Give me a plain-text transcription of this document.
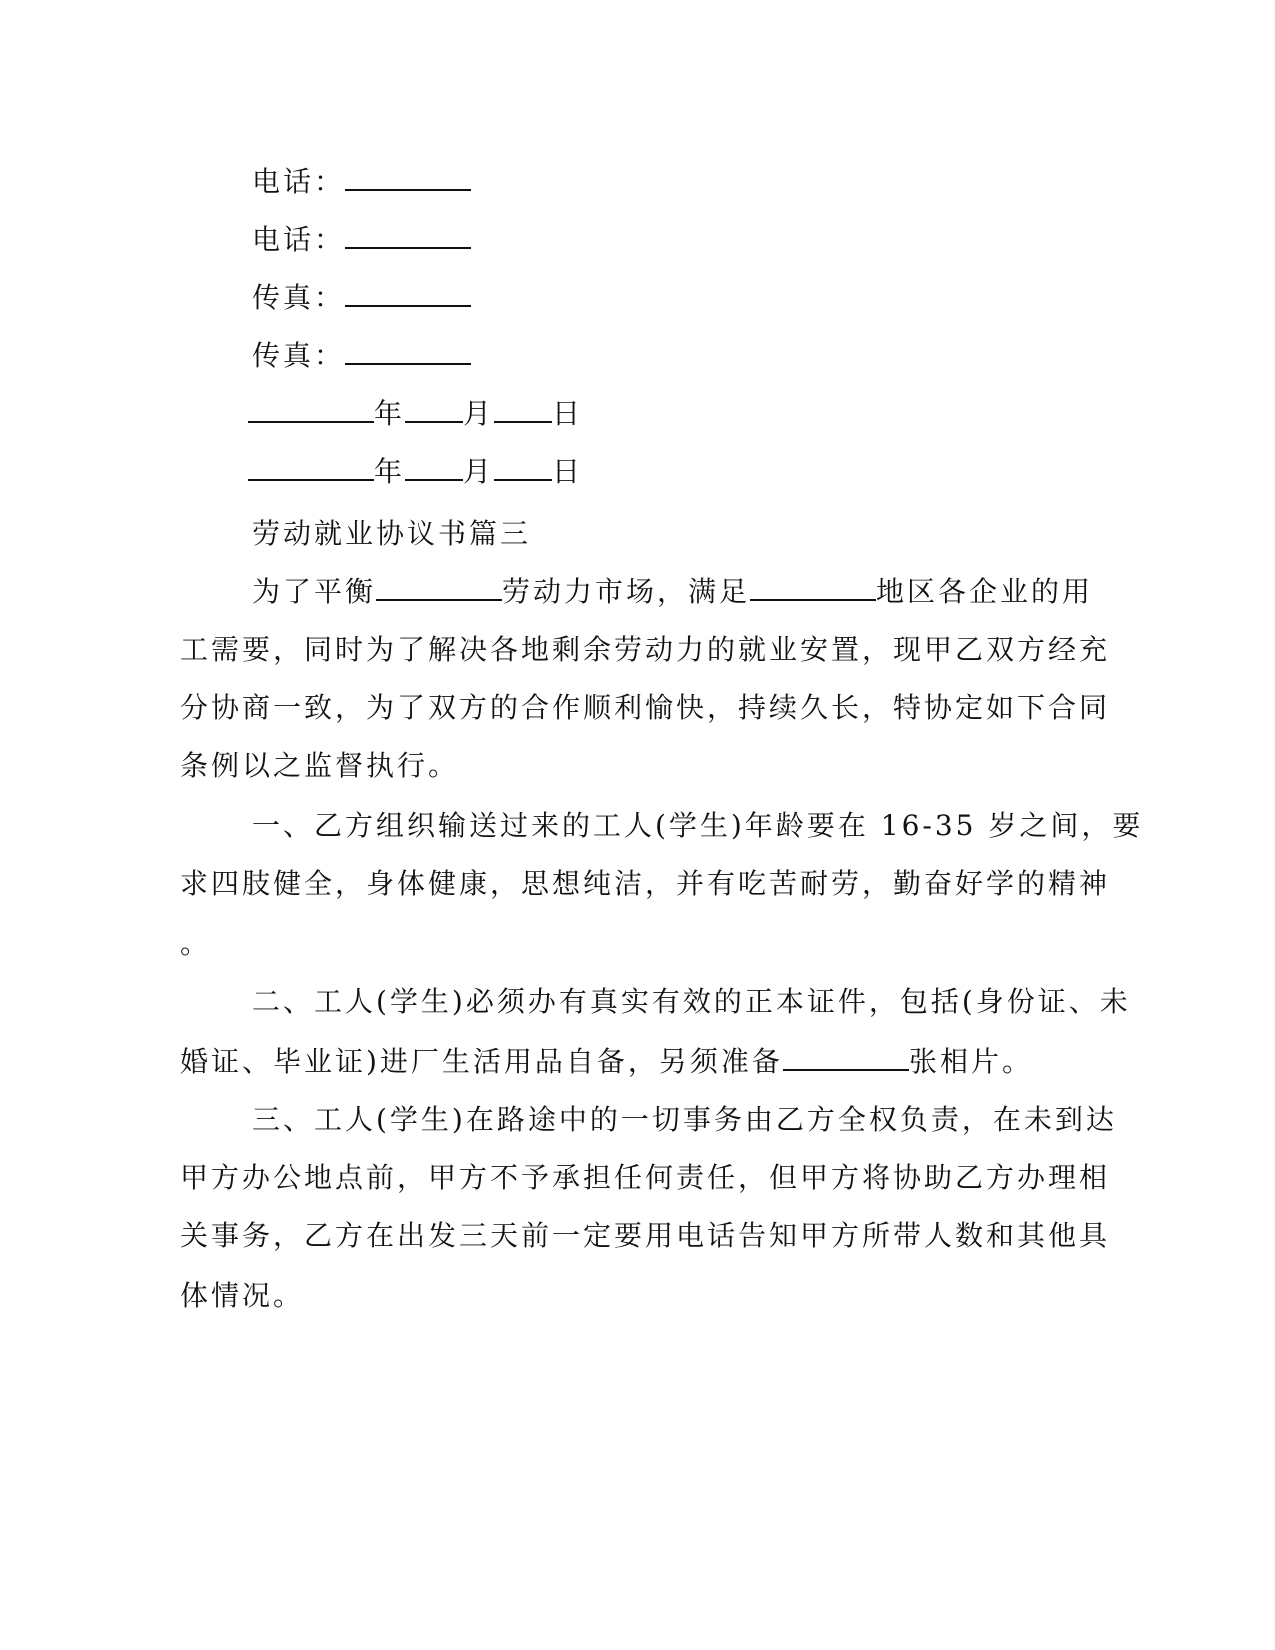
电话：
电话：
传真：
传真：
年 月 日
年 月 日
劳动就业协议书篇三
为了平衡	劳动力市场，满足	地区各企业的用
工需要，同时为了解决各地剩余劳动力的就业安置，现甲乙双方经充
分协商一致，为了双方的合作顺利愉快，持续久长，特协定如下合同
条例以之监督执行。
一、乙方组织输送过来的工人(学生)年龄要在 16-35 岁之间，要
求四肢健全，身体健康，思想纯洁，并有吃苦耐劳，勤奋好学的精神
。
二、工人(学生)必须办有真实有效的正本证件，包括(身份证、未
婚证、毕业证)进厂生活用品自备，另须准备	张相片。
三、工人(学生)在路途中的一切事务由乙方全权负责，在未到达
甲方办公地点前，甲方不予承担任何责任，但甲方将协助乙方办理相
关事务，乙方在出发三天前一定要用电话告知甲方所带人数和其他具
体情况。
